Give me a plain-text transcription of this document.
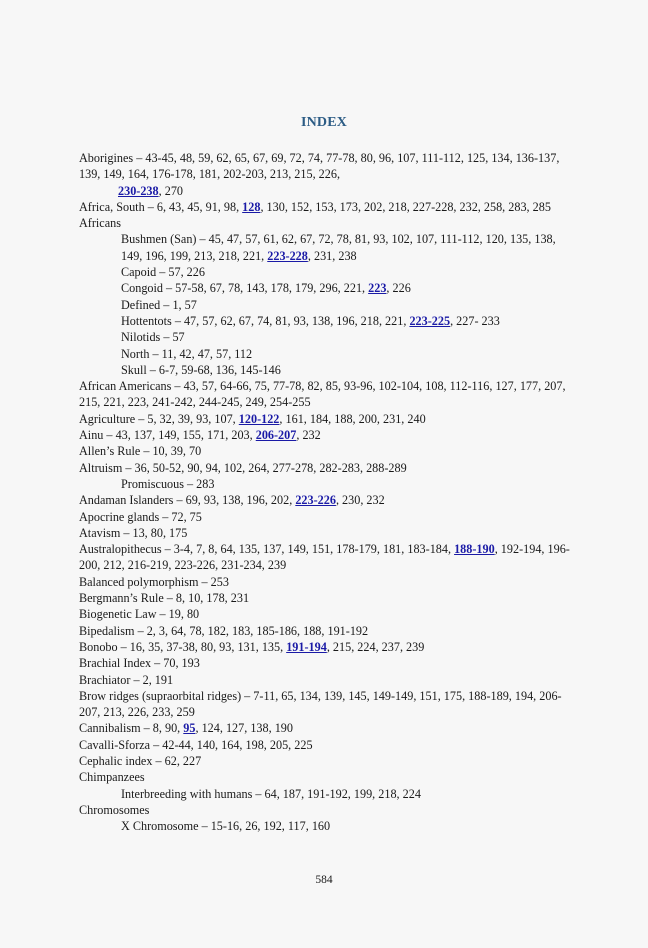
INDEX
Aborigines – 43-45, 48, 59, 62, 65, 67, 69, 72, 74, 77-78, 80, 96, 107, 111-112, 125, 134, 136-137, 139, 149, 164, 176-178, 181, 202-203, 213, 215, 226,
230-238, 270
Africa, South – 6, 43, 45, 91, 98, 128, 130, 152, 153, 173, 202, 218, 227-228, 232, 258, 283, 285
Africans
Bushmen (San) – 45, 47, 57, 61, 62, 67, 72, 78, 81, 93, 102, 107, 111-112, 120, 135, 138, 149, 196, 199, 213, 218, 221, 223-228, 231, 238
Capoid – 57, 226
Congoid – 57-58, 67, 78, 143, 178, 179, 296, 221, 223, 226
Defined – 1, 57
Hottentots – 47, 57, 62, 67, 74, 81, 93, 138, 196, 218, 221, 223-225, 227- 233
Nilotids – 57
North – 11, 42, 47, 57, 112
Skull – 6-7, 59-68, 136, 145-146
African Americans – 43, 57, 64-66, 75, 77-78, 82, 85, 93-96, 102-104, 108, 112-116, 127, 177, 207, 215, 221, 223, 241-242, 244-245, 249, 254-255
Agriculture – 5, 32, 39, 93, 107, 120-122, 161, 184, 188, 200, 231, 240
Ainu – 43, 137, 149, 155, 171, 203, 206-207, 232
Allen’s Rule – 10, 39, 70
Altruism – 36, 50-52, 90, 94, 102, 264, 277-278, 282-283, 288-289
Promiscuous – 283
Andaman Islanders – 69, 93, 138, 196, 202, 223-226, 230, 232
Apocrine glands – 72, 75
Atavism – 13, 80, 175
Australopithecus – 3-4, 7, 8, 64, 135, 137, 149, 151, 178-179, 181, 183-184, 188-190, 192-194, 196-200, 212, 216-219, 223-226, 231-234, 239
Balanced polymorphism – 253
Bergmann’s Rule – 8, 10, 178, 231
Biogenetic Law – 19, 80
Bipedalism – 2, 3, 64, 78, 182, 183, 185-186, 188, 191-192
Bonobo – 16, 35, 37-38, 80, 93, 131, 135, 191-194, 215, 224, 237, 239
Brachial Index – 70, 193
Brachiator – 2, 191
Brow ridges (supraorbital ridges) – 7-11, 65, 134, 139, 145, 149-149, 151, 175, 188-189, 194, 206-207, 213, 226, 233, 259
Cannibalism – 8, 90, 95, 124, 127, 138, 190
Cavalli-Sforza – 42-44, 140, 164, 198, 205, 225
Cephalic index – 62, 227
Chimpanzees
Interbreeding with humans – 64, 187, 191-192, 199, 218, 224
Chromosomes
X Chromosome – 15-16, 26, 192, 117, 160
584
